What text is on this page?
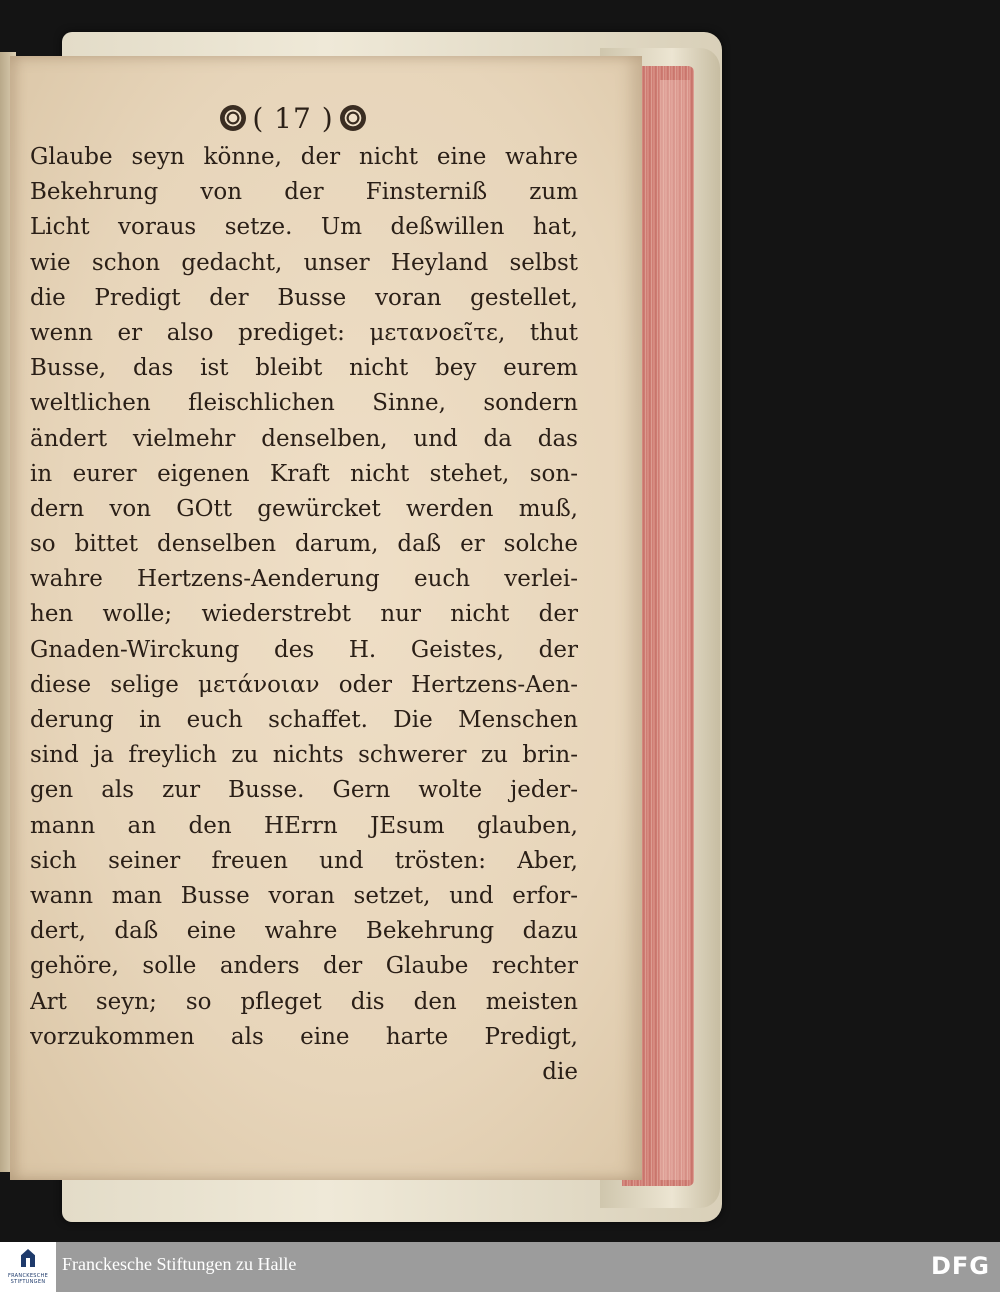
( 17 )
Glaube seyn könne, der nicht eine wahre
Bekehrung von der Finsterniß zum
Licht voraus setze. Um deßwillen hat,
wie schon gedacht, unser Heyland selbst
die Predigt der Busse voran gestellet,
wenn er also prediget: μετανοεῖτε, thut
Busse, das ist bleibt nicht bey eurem
weltlichen fleischlichen Sinne, sondern
ändert vielmehr denselben, und da das
in eurer eigenen Kraft nicht stehet, son-
dern von GOtt gewürcket werden muß,
so bittet denselben darum, daß er solche
wahre Hertzens-Aenderung euch verlei-
hen wolle; wiederstrebt nur nicht der
Gnaden-Wirckung des H. Geistes, der
diese selige μετάνοιαν oder Hertzens-Aen-
derung in euch schaffet. Die Menschen
sind ja freylich zu nichts schwerer zu brin-
gen als zur Busse. Gern wolte jeder-
mann an den HErrn JEsum glauben,
sich seiner freuen und trösten: Aber,
wann man Busse voran setzet, und erfor-
dert, daß eine wahre Bekehrung dazu
gehöre, solle anders der Glaube rechter
Art seyn; so pfleget dis den meisten
vorzukommen als eine harte Predigt,
die
FRANCKESCHE
STIFTUNGEN
Franckesche Stiftungen zu Halle	DFG
